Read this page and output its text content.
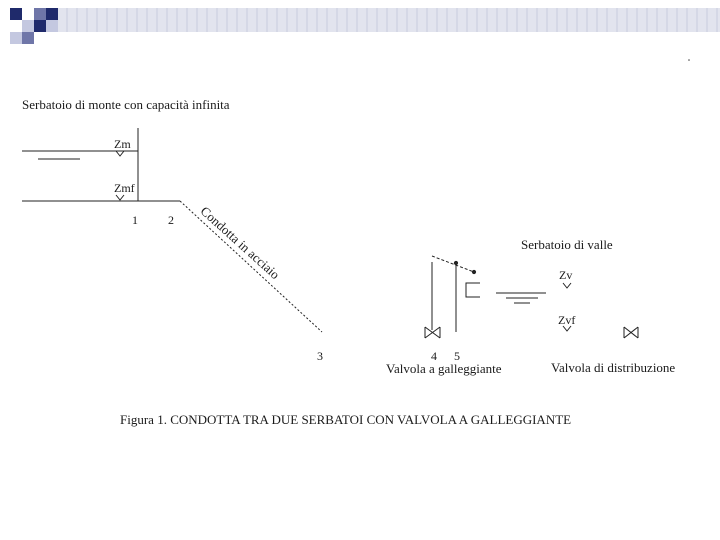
Serbatoio di monte con capacità infinita
Zm
Zmf
1	2 Condotta in acciaio
3	4 5
Serbatoio di valle
Zv
Zvf
Valvola a galleggiante	Valvola di distribuzione
Figura 1. CONDOTTA TRA DUE SERBATOI CON VALVOLA A GALLEGGIANTE
